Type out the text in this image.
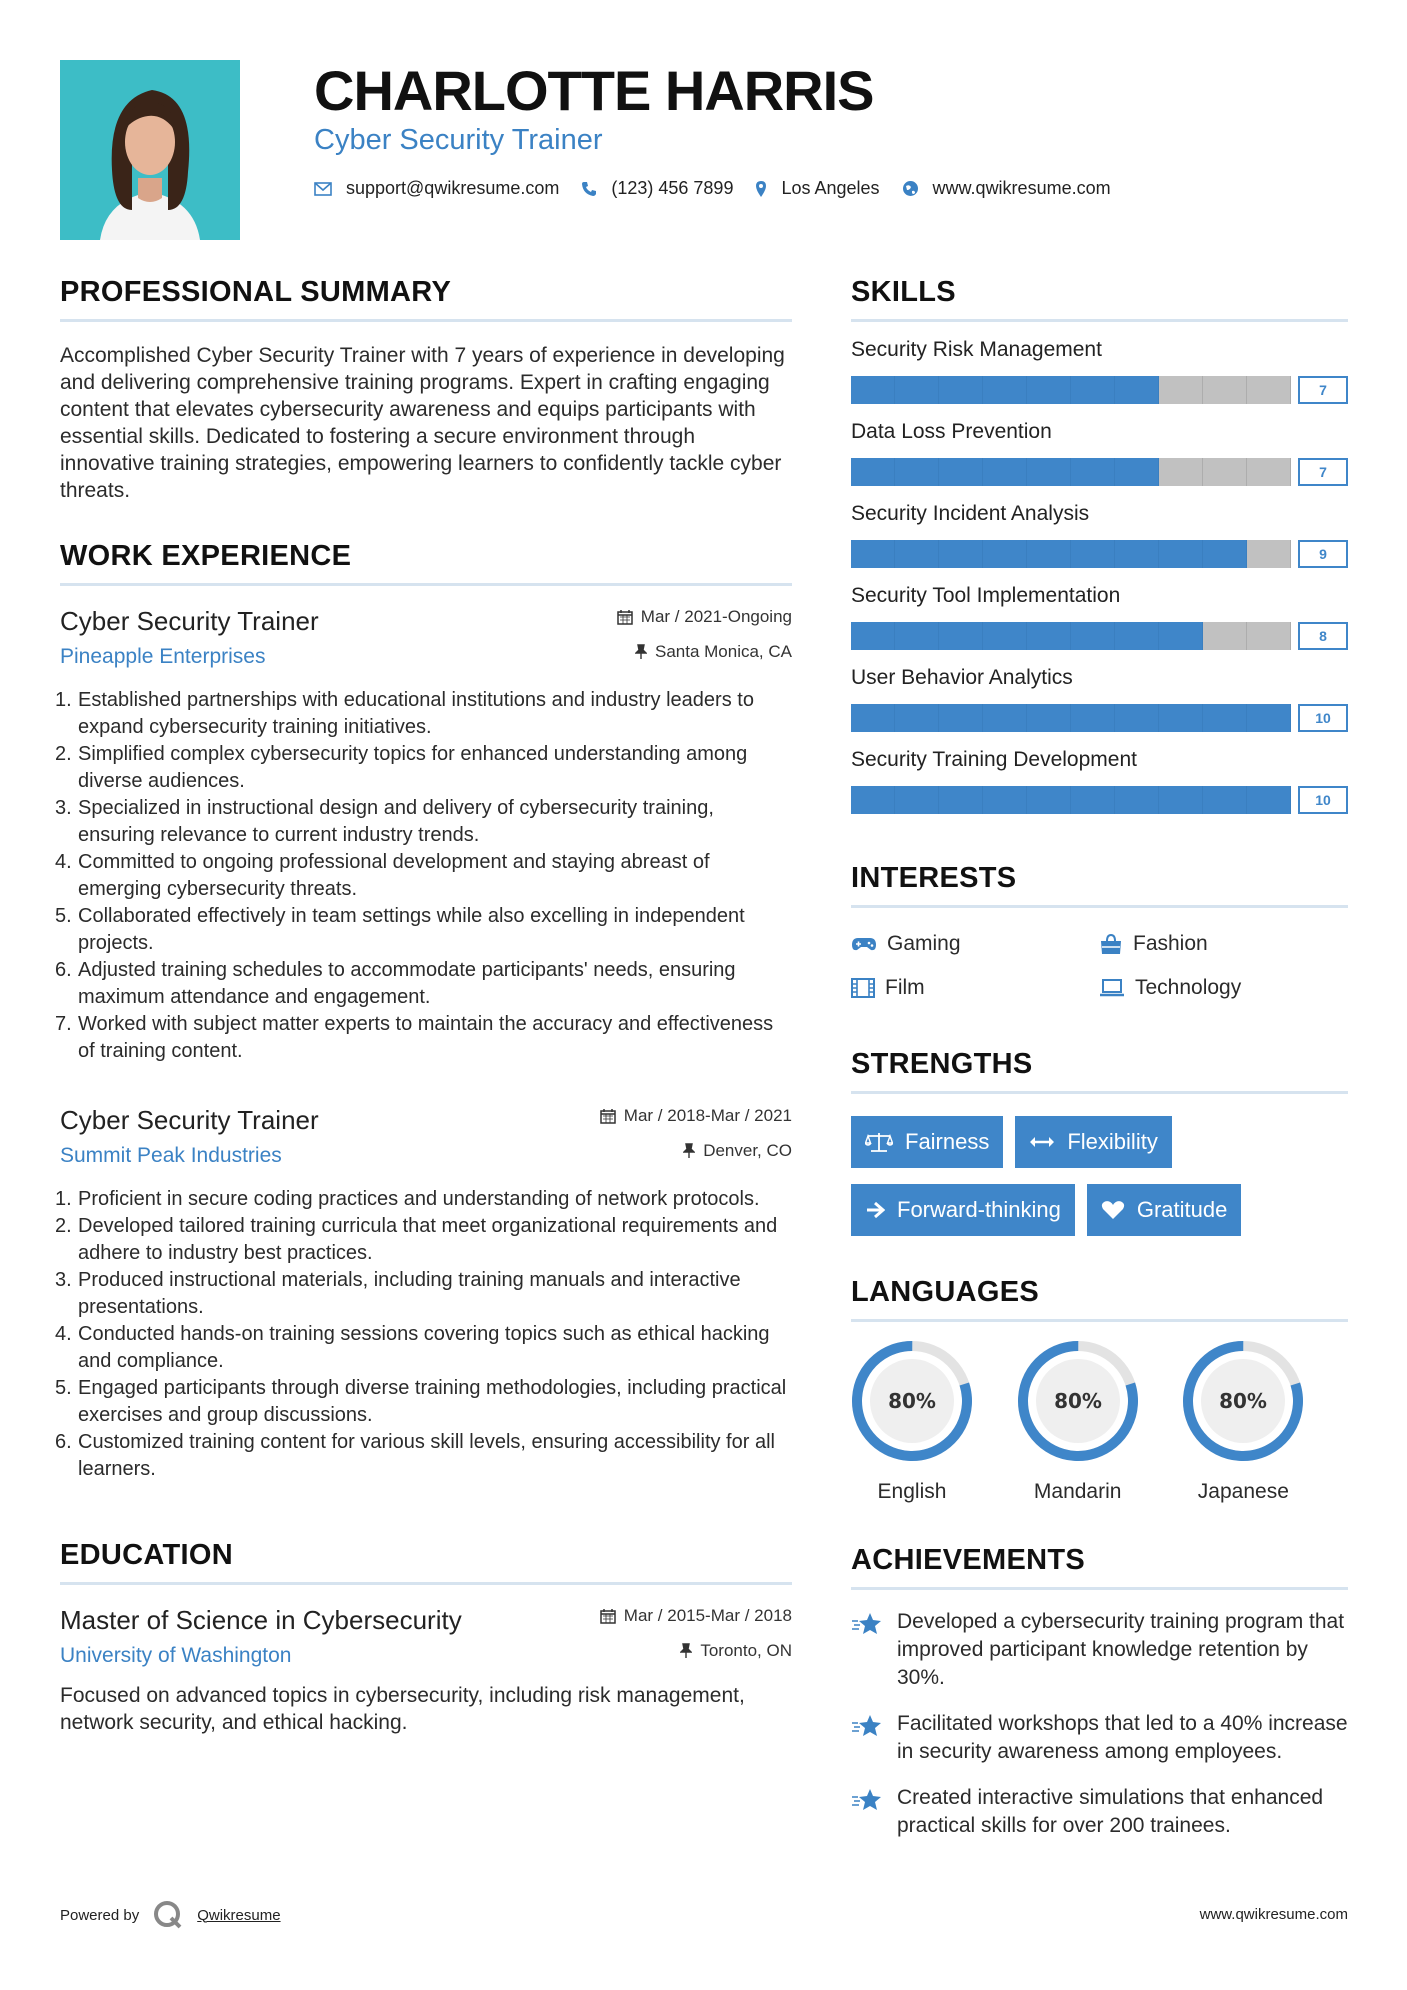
CHARLOTTE HARRIS
Cyber Security Trainer
support@qwikresume.com	(123) 456 7899	Los Angeles	www.qwikresume.com
PROFESSIONAL SUMMARY

Accomplished Cyber Security Trainer with 7 years of experience in developing and delivering comprehensive training programs. Expert in crafting engaging content that elevates cybersecurity awareness and equips participants with essential skills. Dedicated to fostering a secure environment through innovative training strategies, empowering learners to confidently tackle cyber threats.

WORK EXPERIENCE
Cyber Security Trainer
Pineapple Enterprises
Mar / 2021-Ongoing
Santa Monica, CA
1. Established partnerships with educational institutions and industry leaders to expand cybersecurity training initiatives.
2. Simplified complex cybersecurity topics for enhanced understanding among diverse audiences.
3. Specialized in instructional design and delivery of cybersecurity training, ensuring relevance to current industry trends.
4. Committed to ongoing professional development and staying abreast of emerging cybersecurity threats.
5. Collaborated effectively in team settings while also excelling in independent projects.
6. Adjusted training schedules to accommodate participants' needs, ensuring maximum attendance and engagement.
7. Worked with subject matter experts to maintain the accuracy and effectiveness of training content.
Cyber Security Trainer
Summit Peak Industries
Mar / 2018-Mar / 2021
Denver, CO
1. Proficient in secure coding practices and understanding of network protocols.
2. Developed tailored training curricula that meet organizational requirements and adhere to industry best practices.
3. Produced instructional materials, including training manuals and interactive presentations.
4. Conducted hands-on training sessions covering topics such as ethical hacking and compliance.
5. Engaged participants through diverse training methodologies, including practical exercises and group discussions.
6. Customized training content for various skill levels, ensuring accessibility for all learners.
EDUCATION
Master of Science in Cybersecurity
University of Washington
Mar / 2015-Mar / 2018
Toronto, ON

Focused on advanced topics in cybersecurity, including risk management, network security, and ethical hacking.

SKILLS
Security Risk Management
7
Data Loss Prevention
7
Security Incident Analysis
9
Security Tool Implementation
8
User Behavior Analytics
10
Security Training Development
10
INTERESTS
Gaming	Fashion
Film	Technology
STRENGTHS
Fairness	Flexibility
Forward-thinking	Gratitude
LANGUAGES
80%
English
80%
Mandarin
80%
Japanese
ACHIEVEMENTS
Developed a cybersecurity training program that improved participant knowledge retention by 30%.
Facilitated workshops that led to a 40% increase in security awareness among employees.
Created interactive simulations that enhanced practical skills for over 200 trainees.
Powered by	Qwikresume	www.qwikresume.com
